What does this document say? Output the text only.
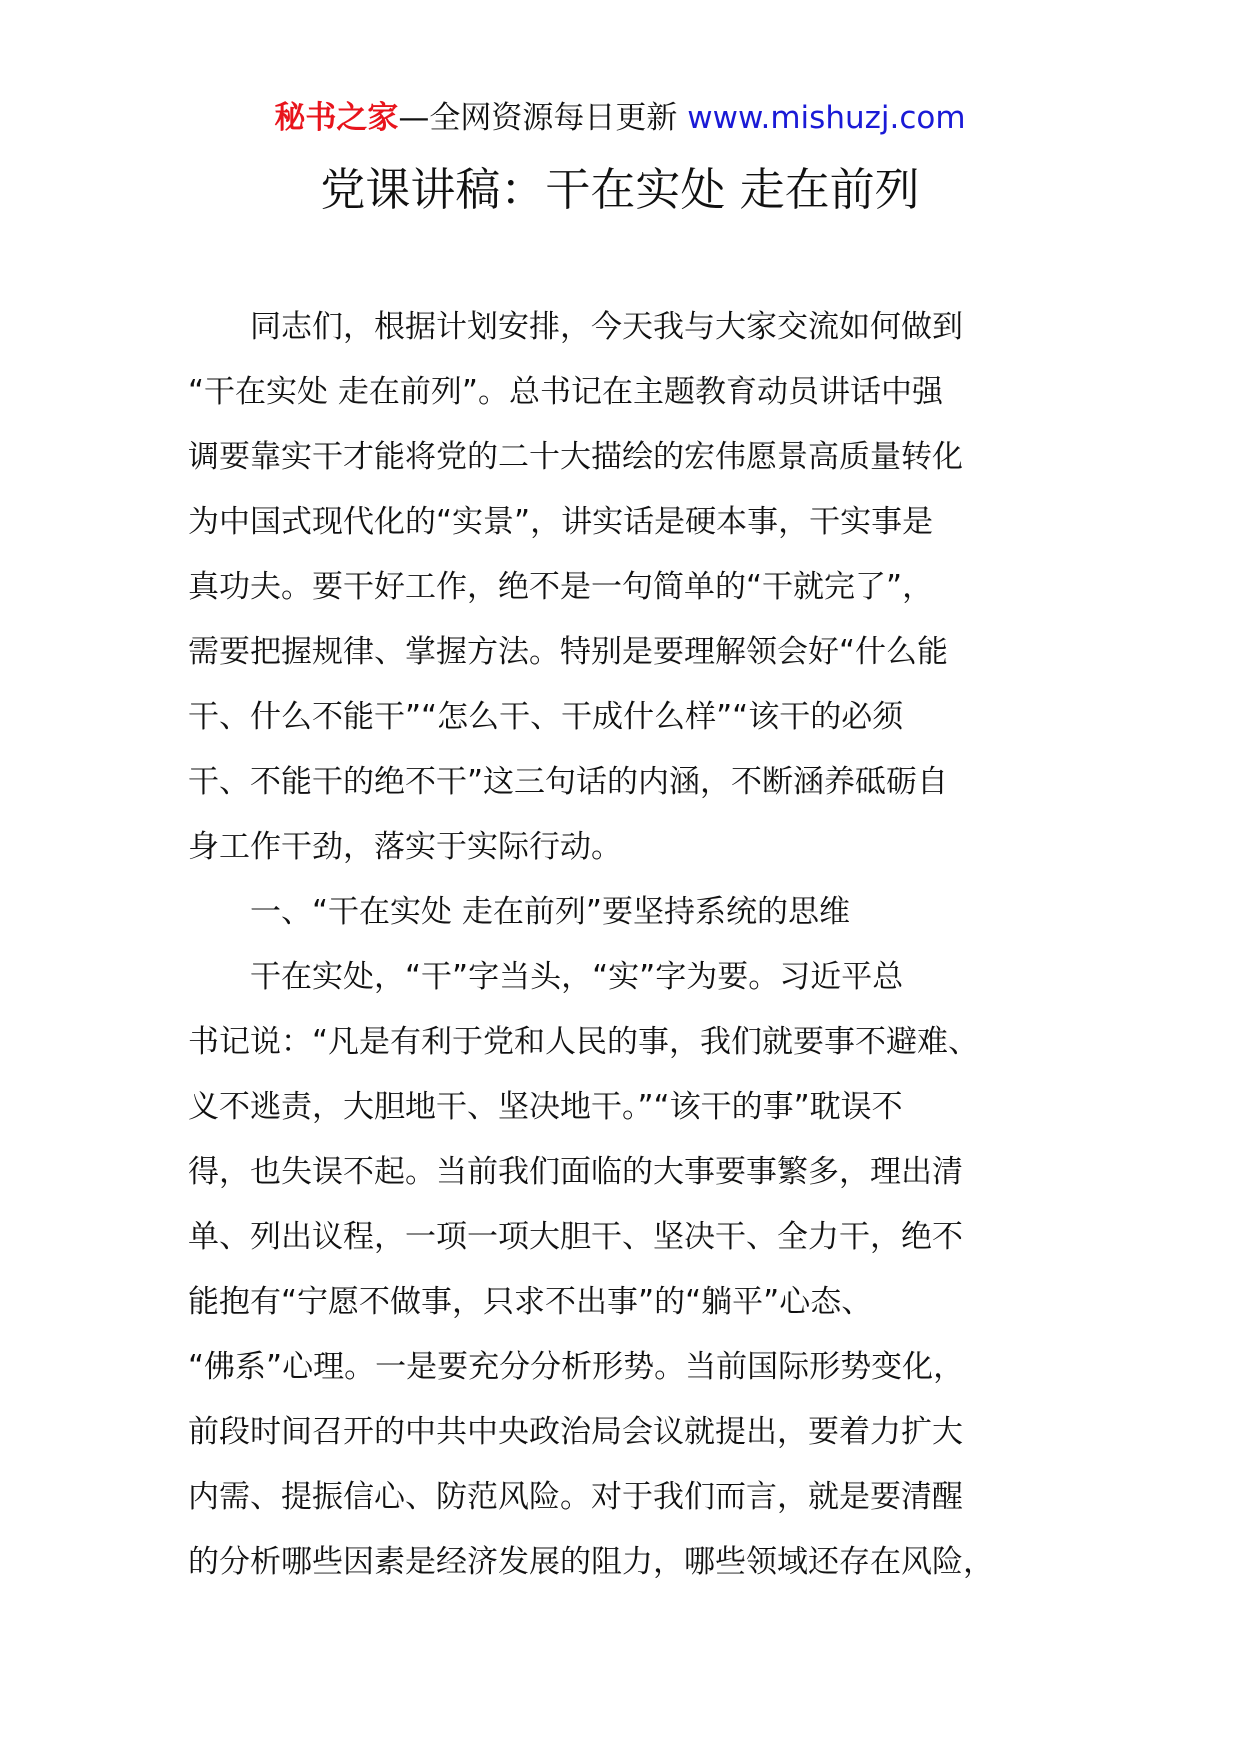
秘书之家—全网资源每日更新 www.mishuzj.com
党课讲稿：干在实处 走在前列
　　同志们，根据计划安排，今天我与大家交流如何做到
“干在实处 走在前列”。总书记在主题教育动员讲话中强
调要靠实干才能将党的二十大描绘的宏伟愿景高质量转化
为中国式现代化的“实景”，讲实话是硬本事，干实事是
真功夫。要干好工作，绝不是一句简单的“干就完了”，
需要把握规律、掌握方法。特别是要理解领会好“什么能
干、什么不能干”“怎么干、干成什么样”“该干的必须
干、不能干的绝不干”这三句话的内涵，不断涵养砥砺自
身工作干劲，落实于实际行动。
　　一、“干在实处 走在前列”要坚持系统的思维
　　干在实处，“干”字当头，“实”字为要。习近平总
书记说：“凡是有利于党和人民的事，我们就要事不避难、
义不逃责，大胆地干、坚决地干。”“该干的事”耽误不
得，也失误不起。当前我们面临的大事要事繁多，理出清
单、列出议程，一项一项大胆干、坚决干、全力干，绝不
能抱有“宁愿不做事，只求不出事”的“躺平”心态、
“佛系”心理。一是要充分分析形势。当前国际形势变化，
前段时间召开的中共中央政治局会议就提出，要着力扩大
内需、提振信心、防范风险。对于我们而言，就是要清醒
的分析哪些因素是经济发展的阻力，哪些领域还存在风险，
